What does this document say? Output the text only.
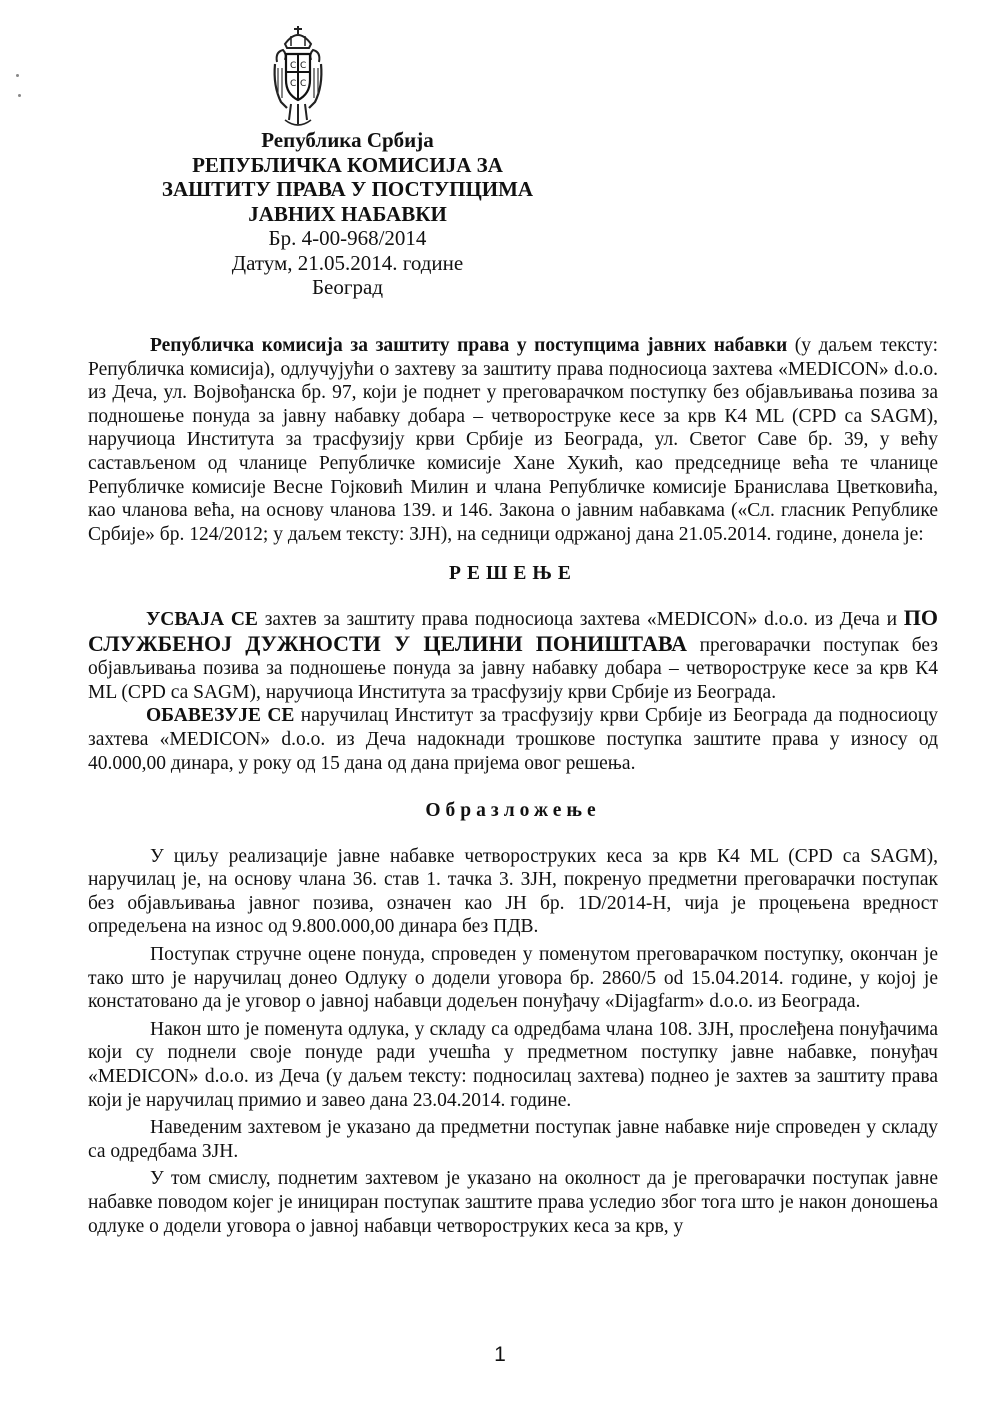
C C
C C
Република Србија
РЕПУБЛИЧКА КОМИСИЈА ЗА
ЗАШТИТУ ПРАВА У ПОСТУПЦИМА
ЈАВНИХ НАБАВКИ
Бр. 4-00-968/2014
Датум, 21.05.2014. године
Београд

Републичка комисија за заштиту права у поступцима јавних набавки (у даљем тексту: Републичка комисија), одлучујући о захтеву за заштиту права подносиоца захтева «MEDICON» d.o.o. из Деча, ул. Војвођанска бр. 97, који је поднет у преговарачком поступку без објављивања позива за подношење понуда за јавну набавку добара – четвороструке кесе за крв К4 ML (CPD са SAGM), наручиоца Института за трасфузију крви Србије из Београда, ул. Светог Саве бр. 39, у већу састављеном од чланице Републичке комисије Хане Хукић, као председнице већа те чланице Републичке комисије Весне Гојковић Милин и члана Републичке комисије Бранислава Цветковића, као чланова већа, на основу чланова 139. и 146. Закона о јавним набавкама («Сл. гласник Републике Србије» бр. 124/2012; у даљем тексту: ЗЈН), на седници одржаној дана 21.05.2014. године, донела је:

РЕШЕЊЕ

УСВАЈА СЕ захтев за заштиту права подносиоца захтева «MEDICON» d.o.o. из Деча и ПО СЛУЖБЕНОЈ ДУЖНОСТИ У ЦЕЛИНИ ПОНИШТАВА преговарачки поступак без објављивања позива за подношење понуда за јавну набавку добара – четвороструке кесе за крв К4 ML (CPD са SAGM), наручиоца Института за трасфузију крви Србије из Београда.

ОБАВЕЗУЈЕ СЕ наручилац Институт за трасфузију крви Србије из Београда да подносиоцу захтева «MEDICON» d.o.o. из Деча надокнади трошкове поступка заштите права у износу од 40.000,00 динара, у року од 15 дана од дана пријема овог решења.

Образложење

У циљу реализације јавне набавке четвороструких кеса за крв К4 ML (CPD са SAGM), наручилац је, на основу члана 36. став 1. тачка 3. ЗЈН, покренуо предметни преговарачки поступак без објављивања јавног позива, означен као ЈН бр. 1D/2014-Н, чија је процењена вредност опредељена на износ од 9.800.000,00 динара без ПДВ.

Поступак стручне оцене понуда, спроведен у поменутом преговарачком поступку, окончан је тако што је наручилац донео Одлуку о додели уговора бр. 2860/5 od 15.04.2014. године, у којој је констатовано да је уговор о јавној набавци додељен понуђачу «Dijagfarm» d.o.o. из Београда.

Након што је поменута одлука, у складу са одредбама члана 108. ЗЈН, прослеђена понуђачима који су поднели своје понуде ради учешћа у предметном поступку јавне набавке, понуђач «MEDICON» d.o.o. из Деча (у даљем тексту: подносилац захтева) поднео је захтев за заштиту права који је наручилац примио и завео дана 23.04.2014. године.

Наведеним захтевом је указано да предметни поступак јавне набавке није спроведен у складу са одредбама ЗЈН.

У том смислу, поднетим захтевом је указано на околност да је преговарачки поступак јавне набавке поводом којег је инициран поступак заштите права уследио због тога што је након доношења одлуке о додели уговора о јавној набавци четвороструких кеса за крв, у

1
